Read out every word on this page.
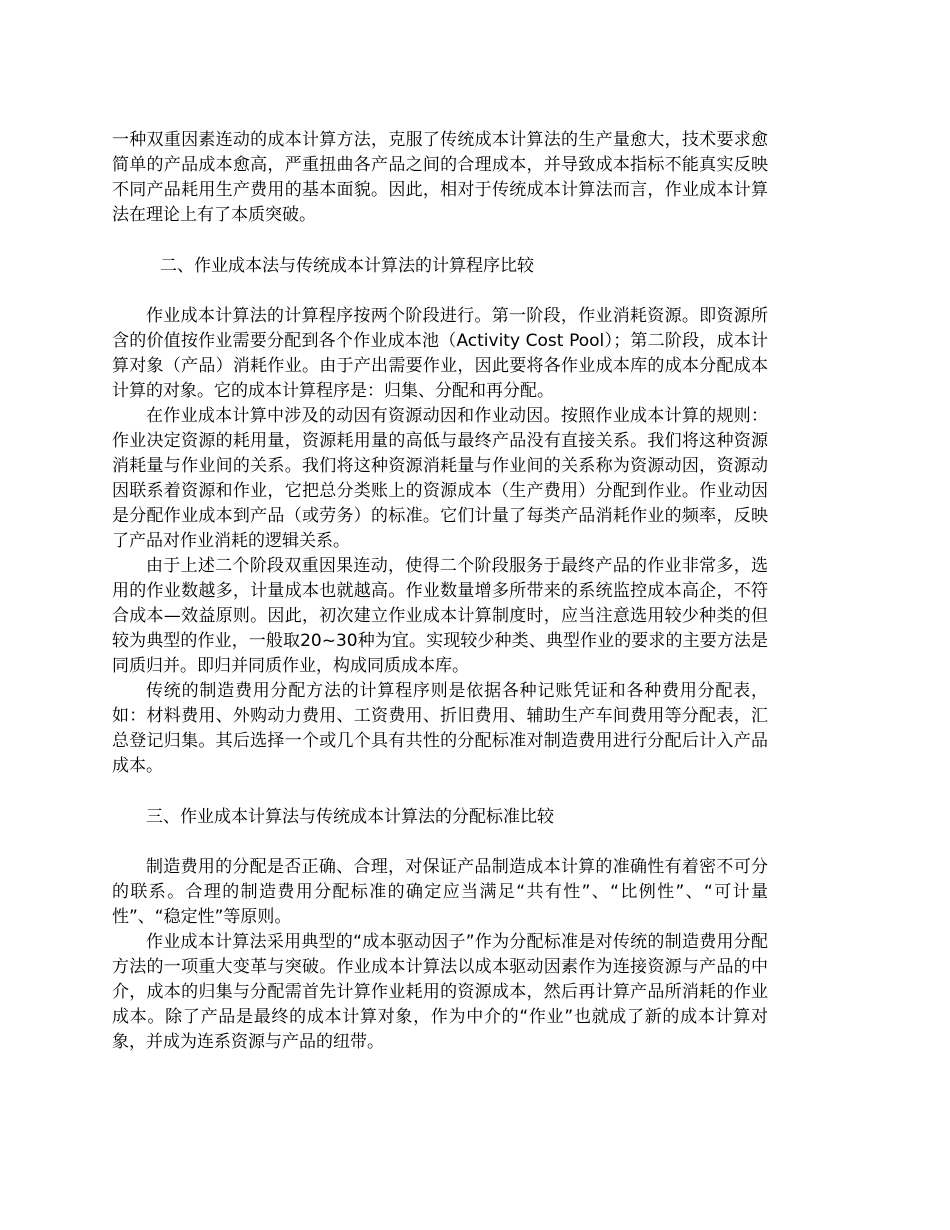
一种双重因素连动的成本计算方法，克服了传统成本计算法的生产量愈大，技术要求愈简单的产品成本愈高，严重扭曲各产品之间的合理成本，并导致成本指标不能真实反映不同产品耗用生产费用的基本面貌。因此，相对于传统成本计算法而言，作业成本计算法在理论上有了本质突破。

二、作业成本法与传统成本计算法的计算程序比较

作业成本计算法的计算程序按两个阶段进行。第一阶段，作业消耗资源。即资源所含的价值按作业需要分配到各个作业成本池（Activity Cost Pool）；第二阶段，成本计算对象（产品）消耗作业。由于产出需要作业，因此要将各作业成本库的成本分配成本计算的对象。它的成本计算程序是：归集、分配和再分配。

在作业成本计算中涉及的动因有资源动因和作业动因。按照作业成本计算的规则：作业决定资源的耗用量，资源耗用量的高低与最终产品没有直接关系。我们将这种资源消耗量与作业间的关系。我们将这种资源消耗量与作业间的关系称为资源动因，资源动因联系着资源和作业，它把总分类账上的资源成本（生产费用）分配到作业。作业动因是分配作业成本到产品（或劳务）的标准。它们计量了每类产品消耗作业的频率，反映了产品对作业消耗的逻辑关系。

由于上述二个阶段双重因果连动，使得二个阶段服务于最终产品的作业非常多，选用的作业数越多，计量成本也就越高。作业数量增多所带来的系统监控成本高企，不符合成本—效益原则。因此，初次建立作业成本计算制度时，应当注意选用较少种类的但较为典型的作业，一般取20~30种为宜。实现较少种类、典型作业的要求的主要方法是同质归并。即归并同质作业，构成同质成本库。

传统的制造费用分配方法的计算程序则是依据各种记账凭证和各种费用分配表，如：材料费用、外购动力费用、工资费用、折旧费用、辅助生产车间费用等分配表，汇总登记归集。其后选择一个或几个具有共性的分配标准对制造费用进行分配后计入产品成本。

三、作业成本计算法与传统成本计算法的分配标准比较

制造费用的分配是否正确、合理，对保证产品制造成本计算的准确性有着密不可分的联系。合理的制造费用分配标准的确定应当满足“共有性”、“比例性”、“可计量性”、“稳定性”等原则。

作业成本计算法采用典型的“成本驱动因子”作为分配标准是对传统的制造费用分配方法的一项重大变革与突破。作业成本计算法以成本驱动因素作为连接资源与产品的中介，成本的归集与分配需首先计算作业耗用的资源成本，然后再计算产品所消耗的作业成本。除了产品是最终的成本计算对象，作为中介的“作业”也就成了新的成本计算对象，并成为连系资源与产品的纽带。
